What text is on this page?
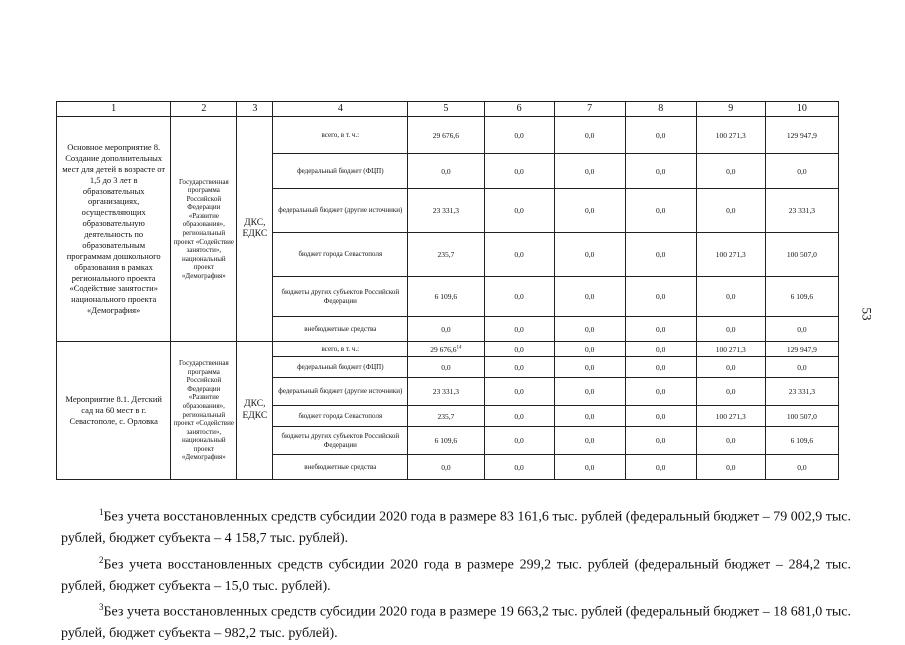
1	2	3	4	5	6	7	8	9	10
Основное мероприятие 8. Создание дополнительных мест для детей в возрасте от 1,5 до 3 лет в образовательных организациях, осуществляющих образовательную деятельность по образовательным программам дошкольного образования в рамках регионального проекта «Содействие занятости» национального проекта «Демография»	Государственная программа Российской Федерации «Развитие образования», региональный проект «Содействие занятости», национальный проект «Демография»	ДКС, ЕДКС	всего, в т. ч.:	29 676,6	0,0	0,0	0,0	100 271,3	129 947,9
			федеральный бюджет (ФЦП)	0,0	0,0	0,0	0,0	0,0	0,0
			федеральный бюджет (другие источники)	23 331,3	0,0	0,0	0,0	0,0	23 331,3
			бюджет города Севастополя	235,7	0,0	0,0	0,0	100 271,3	100 507,0
			бюджеты других субъектов Российской Федерации	6 109,6	0,0	0,0	0,0	0,0	6 109,6
			внебюджетные средства	0,0	0,0	0,0	0,0	0,0	0,0
Мероприятие 8.1. Детский сад на 60 мест в г. Севастополе, с. Орловка	Государственная программа Российской Федерации «Развитие образования», региональный проект «Содействие занятости», национальный проект «Демография»	ДКС, ЕДКС	всего, в т. ч.:	29 676,6$^{14}$	0,0	0,0	0,0	100 271,3	129 947,9
			федеральный бюджет (ФЦП)	0,0	0,0	0,0	0,0	0,0	0,0
			федеральный бюджет (другие источники)	23 331,3	0,0	0,0	0,0	0,0	23 331,3
			бюджет города Севастополя	235,7	0,0	0,0	0,0	100 271,3	100 507,0
			бюджеты других субъектов Российской Федерации	6 109,6	0,0	0,0	0,0	0,0	6 109,6
			внебюджетные средства	0,0	0,0	0,0	0,0	0,0	0,0

$^1$Без учета восстановленных средств субсидии 2020 года в размере 83 161,6 тыс. рублей (федеральный бюджет – 79 002,9 тыс. рублей, бюджет субъекта – 4 158,7 тыс. рублей).

$^2$Без учета восстановленных средств субсидии 2020 года в размере 299,2 тыс. рублей (федеральный бюджет – 284,2 тыс. рублей, бюджет субъекта – 15,0 тыс. рублей).

$^3$Без учета восстановленных средств субсидии 2020 года в размере 19 663,2 тыс. рублей (федеральный бюджет – 18 681,0 тыс. рублей, бюджет субъекта – 982,2 тыс. рублей).

53
